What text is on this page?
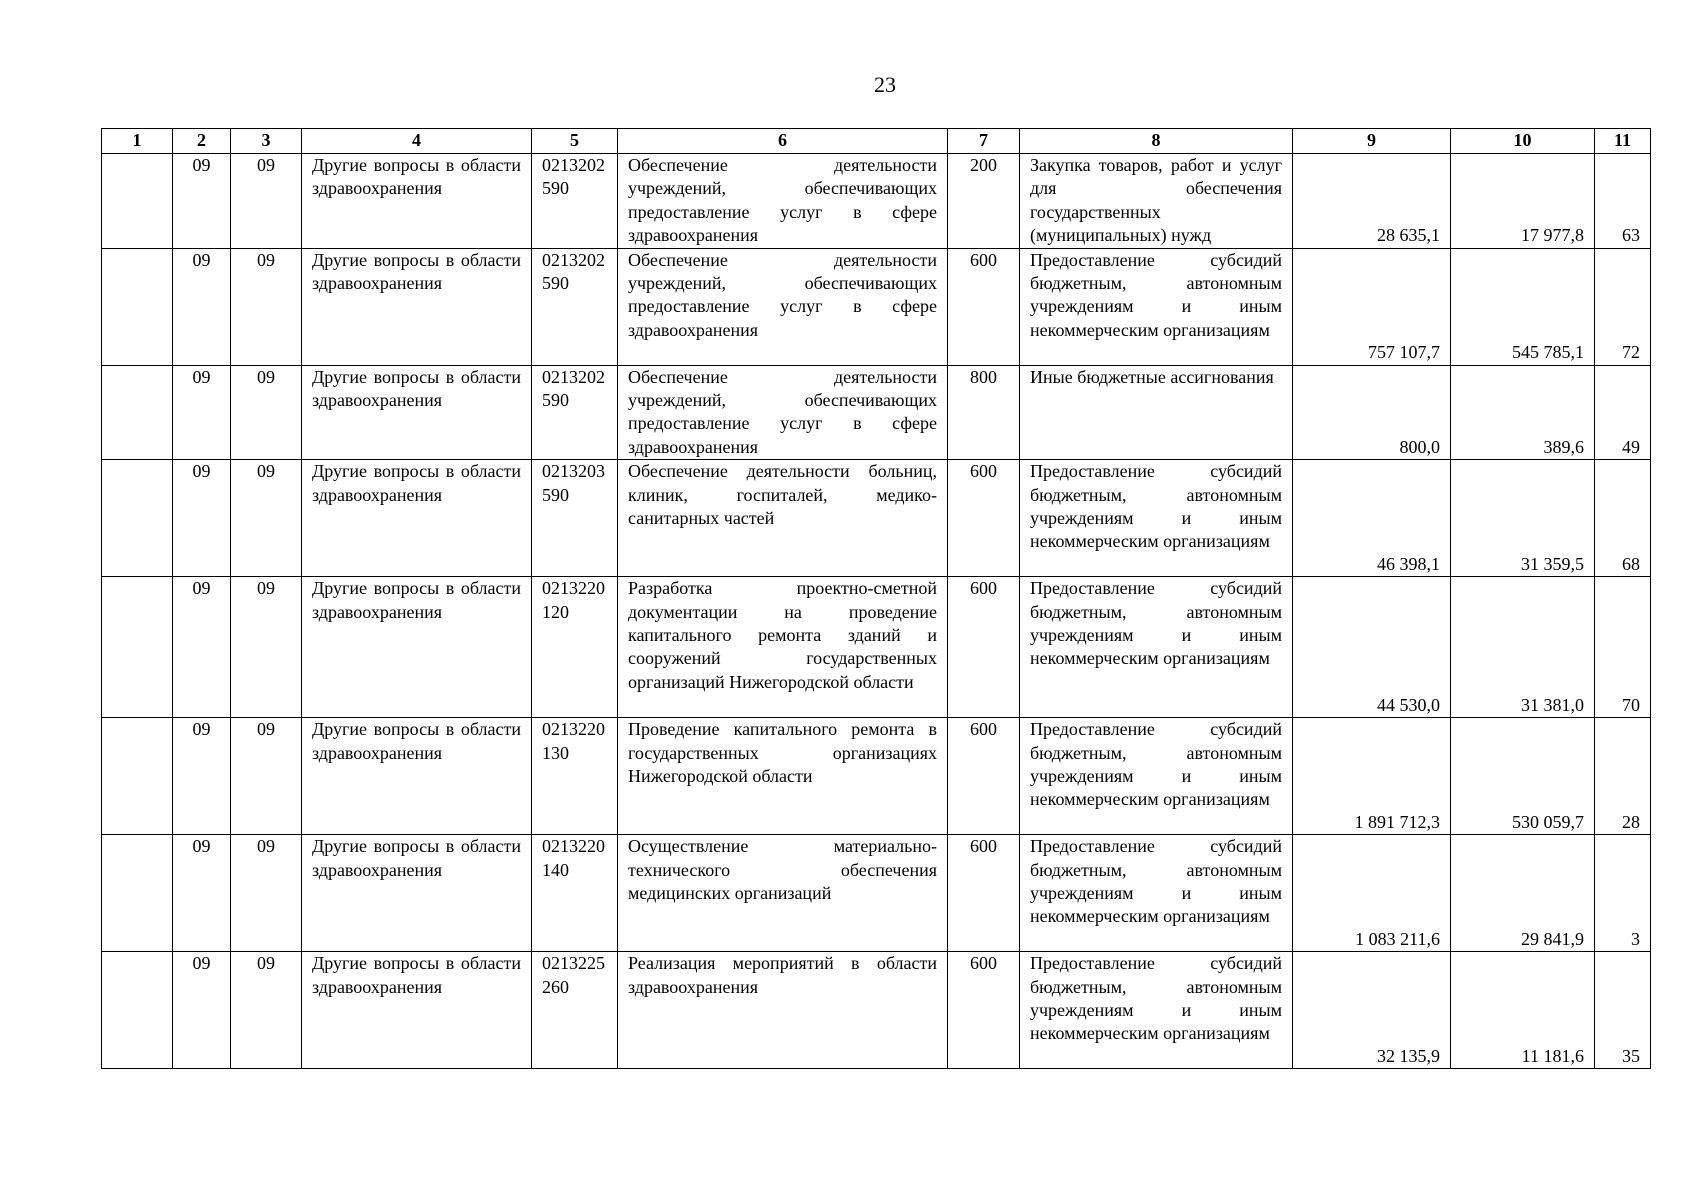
23
1	2	3	4	5	6	7	8	9	10	11
	09	09	Другие вопросы в области здравоохранения	0213202590	Обеспечение деятельности учреждений, обеспечивающих предоставление услуг в сфере здравоохранения	200	Закупка товаров, работ и услуг для обеспечения государственных (муниципальных) нужд	28 635,1	17 977,8	63
	09	09	Другие вопросы в области здравоохранения	0213202590	Обеспечение деятельности учреждений, обеспечивающих предоставление услуг в сфере здравоохранения	600	Предоставление субсидий бюджетным, автономным учреждениям и иным некоммерческим организациям	757 107,7	545 785,1	72
	09	09	Другие вопросы в области здравоохранения	0213202590	Обеспечение деятельности учреждений, обеспечивающих предоставление услуг в сфере здравоохранения	800	Иные бюджетные ассигнования	800,0	389,6	49
	09	09	Другие вопросы в области здравоохранения	0213203590	Обеспечение деятельности больниц, клиник, госпиталей, медико-санитарных частей	600	Предоставление субсидий бюджетным, автономным учреждениям и иным некоммерческим организациям	46 398,1	31 359,5	68
	09	09	Другие вопросы в области здравоохранения	0213220120	Разработка проектно-сметной документации на проведение капитального ремонта зданий и сооружений государственных организаций Нижегородской области	600	Предоставление субсидий бюджетным, автономным учреждениям и иным некоммерческим организациям	44 530,0	31 381,0	70
	09	09	Другие вопросы в области здравоохранения	0213220130	Проведение капитального ремонта в государственных организациях Нижегородской области	600	Предоставление субсидий бюджетным, автономным учреждениям и иным некоммерческим организациям	1 891 712,3	530 059,7	28
	09	09	Другие вопросы в области здравоохранения	0213220140	Осуществление материально-технического обеспечения медицинских организаций	600	Предоставление субсидий бюджетным, автономным учреждениям и иным некоммерческим организациям	1 083 211,6	29 841,9	3
	09	09	Другие вопросы в области здравоохранения	0213225260	Реализация мероприятий в области здравоохранения	600	Предоставление субсидий бюджетным, автономным учреждениям и иным некоммерческим организациям	32 135,9	11 181,6	35
